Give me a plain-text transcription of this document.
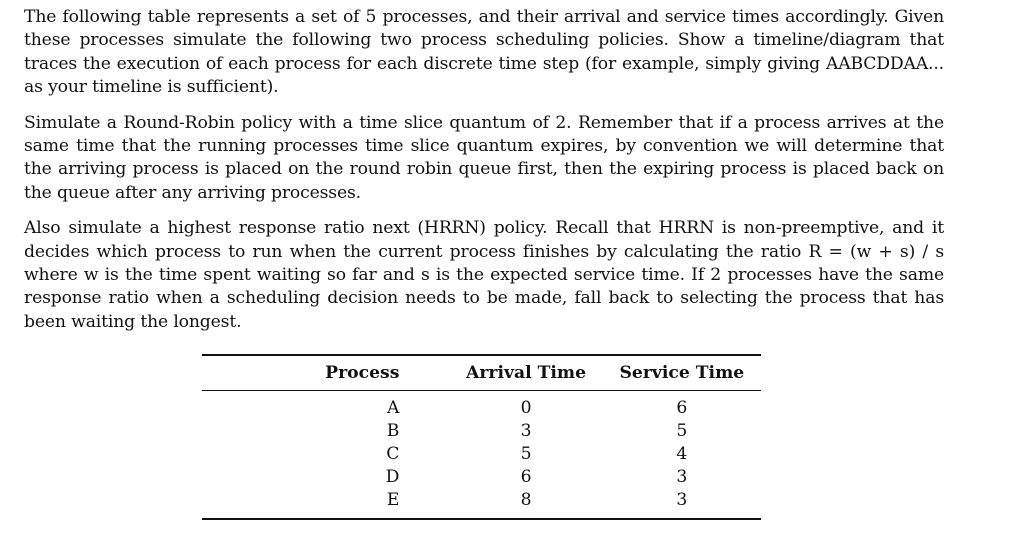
The following table represents a set of 5 processes, and their arrival and service times accordingly. Given these processes simulate the following two process scheduling policies. Show a timeline/diagram that traces the execution of each process for each discrete time step (for example, simply giving AABCDDAA... as your timeline is sufficient).

Simulate a Round-Robin policy with a time slice quantum of 2. Remember that if a process arrives at the same time that the running processes time slice quantum expires, by convention we will determine that the arriving process is placed on the round robin queue first, then the expiring process is placed back on the queue after any arriving processes.

Also simulate a highest response ratio next (HRRN) policy. Recall that HRRN is non-preemptive, and it decides which process to run when the current process finishes by calculating the ratio R = (w + s) / s where w is the time spent waiting so far and s is the expected service time. If 2 processes have the same response ratio when a scheduling decision needs to be made, fall back to selecting the process that has been waiting the longest.

Process	Arrival Time	Service Time
A	0	6
B	3	5
C	5	4
D	6	3
E	8	3
